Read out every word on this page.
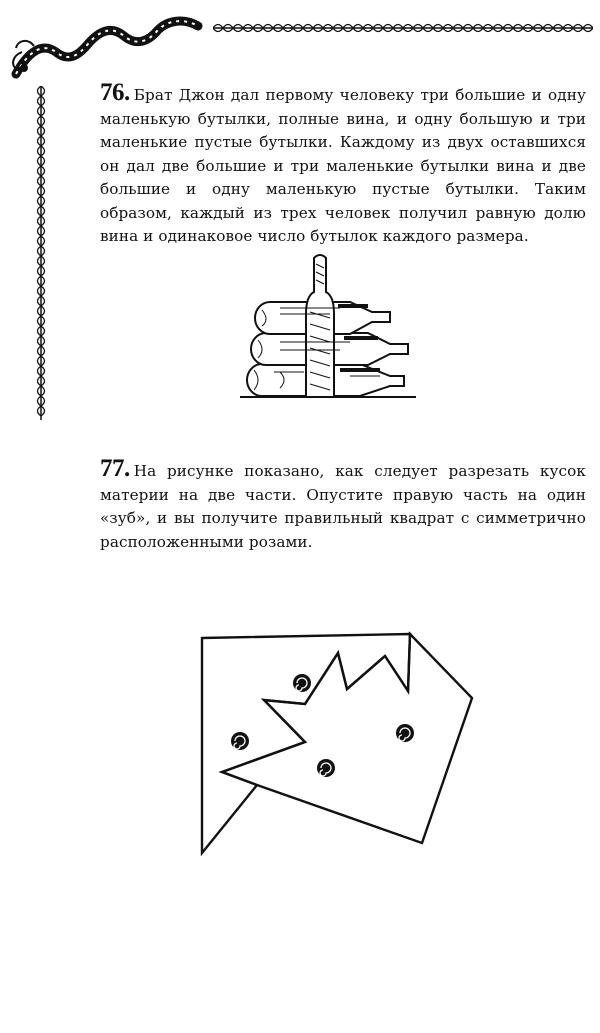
76. Брат Джон дал первому человеку три большие и одну маленькую бутылки, полные вина, и одну большую и три маленькие пустые бутылки. Каждому из двух оставшихся он дал две большие и три маленькие бутылки вина и две большие и одну маленькую пустые бутылки. Таким образом, каждый из трех человек получил равную долю вина и одинаковое число бутылок каждого размера.
77. На рисунке показано, как следует разрезать кусок материи на две части. Опустите правую часть на один «зуб», и вы получите правильный квадрат с симметрично расположенными розами.
